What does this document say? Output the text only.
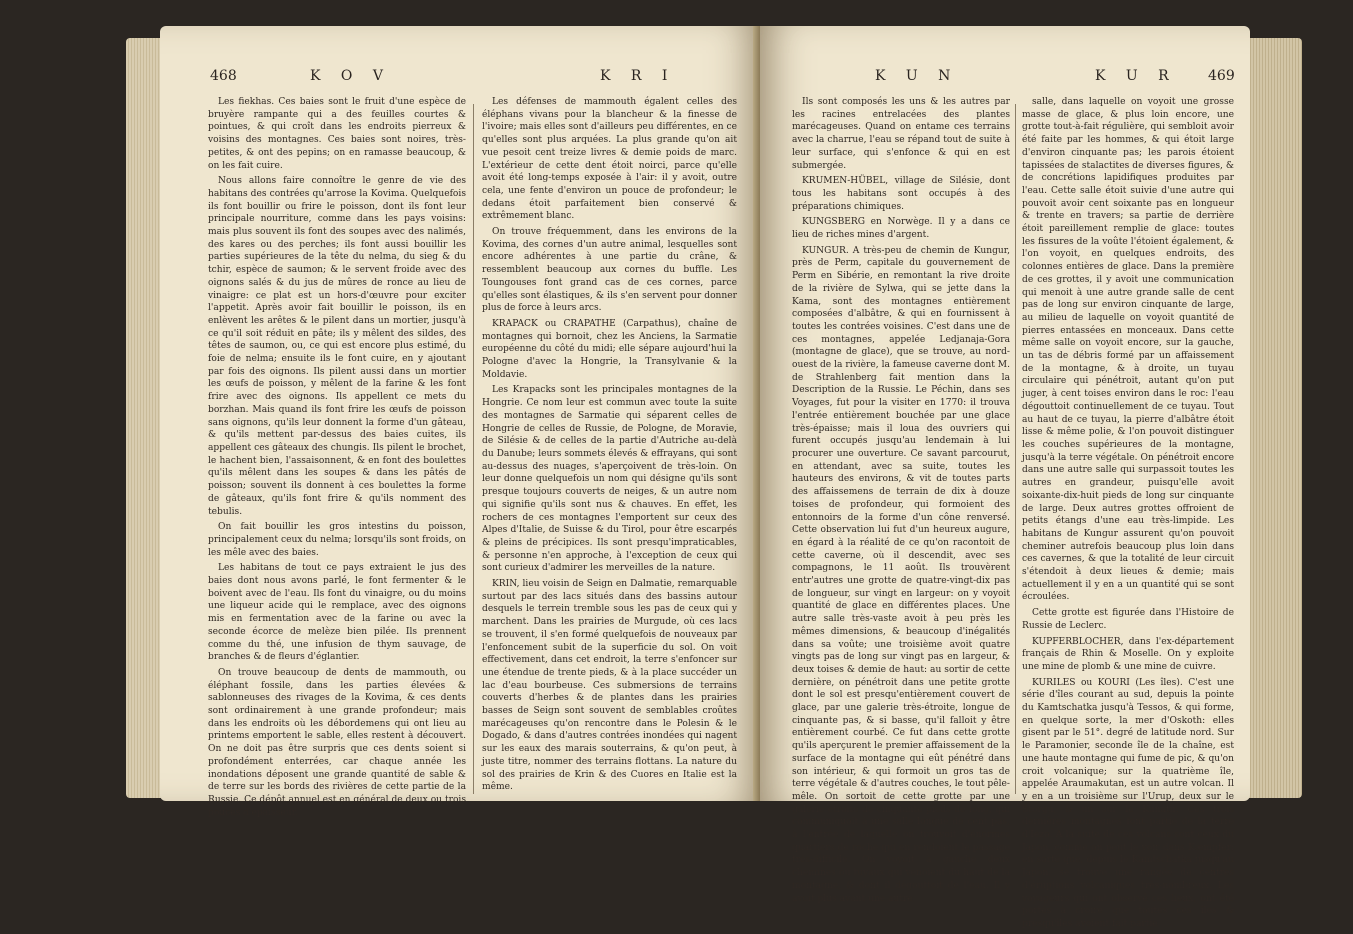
468	K O V	K R I

Les fiekhas. Ces baies sont le fruit d'une espèce de bruyère rampante qui a des feuilles courtes & pointues, & qui croît dans les endroits pierreux & voisins des montagnes. Ces baies sont noires, très-petites, & ont des pepins; on en ramasse beaucoup, & on les fait cuire.

Nous allons faire connoître le genre de vie des habitans des contrées qu'arrose la Kovima. Quelquefois ils font bouillir ou frire le poisson, dont ils font leur principale nourriture, comme dans les pays voisins: mais plus souvent ils font des soupes avec des nalimés, des kares ou des perches; ils font aussi bouillir les parties supérieures de la tête du nelma, du sieg & du tchir, espèce de saumon; & le servent froide avec des oignons salés & du jus de mûres de ronce au lieu de vinaigre: ce plat est un hors-d'œuvre pour exciter l'appetit. Après avoir fait bouillir le poisson, ils en enlèvent les arêtes & le pilent dans un mortier, jusqu'à ce qu'il soit réduit en pâte; ils y mêlent des sildes, des têtes de saumon, ou, ce qui est encore plus estimé, du foie de nelma; ensuite ils le font cuire, en y ajoutant par fois des oignons. Ils pilent aussi dans un mortier les œufs de poisson, y mêlent de la farine & les font frire avec des oignons. Ils appellent ce mets du borzhan. Mais quand ils font frire les œufs de poisson sans oignons, qu'ils leur donnent la forme d'un gâteau, & qu'ils mettent par-dessus des baies cuites, ils appellent ces gâteaux des chungis. Ils pilent le brochet, le hachent bien, l'assaisonnent, & en font des boulettes qu'ils mêlent dans les soupes & dans les pâtés de poisson; souvent ils donnent à ces boulettes la forme de gâteaux, qu'ils font frire & qu'ils nomment des tebulis.

On fait bouillir les gros intestins du poisson, principalement ceux du nelma; lorsqu'ils sont froids, on les mêle avec des baies.

Les habitans de tout ce pays extraient le jus des baies dont nous avons parlé, le font fermenter & le boivent avec de l'eau. Ils font du vinaigre, ou du moins une liqueur acide qui le remplace, avec des oignons mis en fermentation avec de la farine ou avec la seconde écorce de melèze bien pilée. Ils prennent comme du thé, une infusion de thym sauvage, de branches & de fleurs d'églantier.

On trouve beaucoup de dents de mammouth, ou éléphant fossile, dans les parties élevées & sablonneuses des rivages de la Kovima, & ces dents sont ordinairement à une grande profondeur; mais dans les endroits où les débordemens qui ont lieu au printems emportent le sable, elles restent à découvert. On ne doit pas être surpris que ces dents soient si profondément enterrées, car chaque année les inondations déposent une grande quantité de sable & de terre sur les bords des rivières de cette partie de la Russie. Ce dépôt annuel est en général de deux ou trois pouces d'épaisseur.

Les défenses de mammouth égalent celles des éléphans vivans pour la blancheur & la finesse de l'ivoire; mais elles sont d'ailleurs peu différentes, en ce qu'elles sont plus arquées. La plus grande qu'on ait vue pesoit cent treize livres & demie poids de marc. L'extérieur de cette dent étoit noirci, parce qu'elle avoit été long-temps exposée à l'air: il y avoit, outre cela, une fente d'environ un pouce de profondeur; le dedans étoit parfaitement bien conservé & extrêmement blanc.

On trouve fréquemment, dans les environs de la Kovima, des cornes d'un autre animal, lesquelles sont encore adhérentes à une partie du crâne, & ressemblent beaucoup aux cornes du buffle. Les Toungouses font grand cas de ces cornes, parce qu'elles sont élastiques, & ils s'en servent pour donner plus de force à leurs arcs.

KRAPACK ou CRAPATHE (Carpathus), chaîne de montagnes qui bornoit, chez les Anciens, la Sarmatie européenne du côté du midi; elle sépare aujourd'hui la Pologne d'avec la Hongrie, la Transylvanie & la Moldavie.

Les Krapacks sont les principales montagnes de la Hongrie. Ce nom leur est commun avec toute la suite des montagnes de Sarmatie qui séparent celles de Hongrie de celles de Russie, de Pologne, de Moravie, de Silésie & de celles de la partie d'Autriche au-delà du Danube; leurs sommets élevés & effrayans, qui sont au-dessus des nuages, s'aperçoivent de très-loin. On leur donne quelquefois un nom qui désigne qu'ils sont presque toujours couverts de neiges, & un autre nom qui signifie qu'ils sont nus & chauves. En effet, les rochers de ces montagnes l'emportent sur ceux des Alpes d'Italie, de Suisse & du Tirol, pour être escarpés & pleins de précipices. Ils sont presqu'impraticables, & personne n'en approche, à l'exception de ceux qui sont curieux d'admirer les merveilles de la nature.

KRIN, lieu voisin de Seign en Dalmatie, remarquable surtout par des lacs situés dans des bassins autour desquels le terrein tremble sous les pas de ceux qui y marchent. Dans les prairies de Murgude, où ces lacs se trouvent, il s'en formé quelquefois de nouveaux par l'enfoncement subit de la superficie du sol. On voit effectivement, dans cet endroit, la terre s'enfoncer sur une étendue de trente pieds, & à la place succéder un lac d'eau bourbeuse. Ces submersions de terrains couverts d'herbes & de plantes dans les prairies basses de Seign sont souvent de semblables croûtes marécageuses qu'on rencontre dans le Polesin & le Dogado, & dans d'autres contrées inondées qui nagent sur les eaux des marais souterrains, & qu'on peut, à juste titre, nommer des terrains flottans. La nature du sol des prairies de Krin & des Cuores en Italie est la même.

K U N	K U R 469

Ils sont composés les uns & les autres par les racines entrelacées des plantes marécageuses. Quand on entame ces terrains avec la charrue, l'eau se répand tout de suite à leur surface, qui s'enfonce & qui en est submergée.

KRUMEN-HÜBEL, village de Silésie, dont tous les habitans sont occupés à des préparations chimiques.

KUNGSBERG en Norwège. Il y a dans ce lieu de riches mines d'argent.

KUNGUR. A très-peu de chemin de Kungur, près de Perm, capitale du gouvernement de Perm en Sibérie, en remontant la rive droite de la rivière de Sylwa, qui se jette dans la Kama, sont des montagnes entièrement composées d'albâtre, & qui en fournissent à toutes les contrées voisines. C'est dans une de ces montagnes, appelée Ledjanaja-Gora (montagne de glace), que se trouve, au nord-ouest de la rivière, la fameuse caverne dont M. de Strahlenberg fait mention dans la Description de la Russie. Le Péchin, dans ses Voyages, fut pour la visiter en 1770: il trouva l'entrée entièrement bouchée par une glace très-épaisse; mais il loua des ouvriers qui furent occupés jusqu'au lendemain à lui procurer une ouverture. Ce savant parcourut, en attendant, avec sa suite, toutes les hauteurs des environs, & vit de toutes parts des affaissemens de terrain de dix à douze toises de profondeur, qui formoient des entonnoirs de la forme d'un cône renversé. Cette observation lui fut d'un heureux augure, en égard à la réalité de ce qu'on racontoit de cette caverne, où il descendit, avec ses compagnons, le 11 août. Ils trouvèrent entr'autres une grotte de quatre-vingt-dix pas de longueur, sur vingt en largeur: on y voyoit quantité de glace en différentes places. Une autre salle très-vaste avoit à peu près les mêmes dimensions, & beaucoup d'inégalités dans sa voûte; une troisième avoit quatre vingts pas de long sur vingt pas en largeur, & deux toises & demie de haut: au sortir de cette dernière, on pénétroit dans une petite grotte dont le sol est presqu'entièrement couvert de glace, par une galerie très-étroite, longue de cinquante pas, & si basse, qu'il falloit y être entièrement courbé. Ce fut dans cette grotte qu'ils aperçurent le premier affaissement de la surface de la montagne qui eût pénétré dans son intérieur, & qui formoit un gros tas de terre végétale & d'autres couches, le tout pêle-mêle. On sortoit de cette grotte par une galerie étroite de cinquante pieds de long, qui communiquoit à une salle longue de cent pas, à l'entrée de laquelle on trouvoit d'énormes quartiers de roche qui en rendoient le passage très-difficile. On voyoit à gauche deux chemines ou tuyaux qui venoient du haut de la montagne, & dont il dégouttoit de l'eau. Il y avoit plus avant une autre

salle, dans laquelle on voyoit une grosse masse de glace, & plus loin encore, une grotte tout-à-fait régulière, qui sembloit avoir été faite par les hommes, & qui étoit large d'environ cinquante pas; les parois étoient tapissées de stalactites de diverses figures, & de concrétions lapidifiques produites par l'eau. Cette salle étoit suivie d'une autre qui pouvoit avoir cent soixante pas en longueur & trente en travers; sa partie de derrière étoit pareillement remplie de glace: toutes les fissures de la voûte l'étoient également, & l'on voyoit, en quelques endroits, des colonnes entières de glace. Dans la première de ces grottes, il y avoit une communication qui menoit à une autre grande salle de cent pas de long sur environ cinquante de large, au milieu de laquelle on voyoit quantité de pierres entassées en monceaux. Dans cette même salle on voyoit encore, sur la gauche, un tas de débris formé par un affaissement de la montagne, & à droite, un tuyau circulaire qui pénétroit, autant qu'on put juger, à cent toises environ dans le roc: l'eau dégouttoit continuellement de ce tuyau. Tout au haut de ce tuyau, la pierre d'albâtre étoit lisse & même polie, & l'on pouvoit distinguer les couches supérieures de la montagne, jusqu'à la terre végétale. On pénétroit encore dans une autre salle qui surpassoit toutes les autres en grandeur, puisqu'elle avoit soixante-dix-huit pieds de long sur cinquante de large. Deux autres grottes offroient de petits étangs d'une eau très-limpide. Les habitans de Kungur assurent qu'on pouvoit cheminer autrefois beaucoup plus loin dans ces cavernes, & que la totalité de leur circuit s'étendoit à deux lieues & demie; mais actuellement il y en a un quantité qui se sont écroulées.

Cette grotte est figurée dans l'Histoire de Russie de Leclerc.

KUPFERBLOCHER, dans l'ex-département français de Rhin & Moselle. On y exploite une mine de plomb & une mine de cuivre.

KURILES ou KOURI (Les îles). C'est une série d'îles courant au sud, depuis la pointe du Kamtschatka jusqu'à Tessos, & qui forme, en quelque sorte, la mer d'Oskoth: elles gisent par le 51°. degré de latitude nord. Sur le Paramonier, seconde île de la chaîne, est une haute montagne qui fume de pic, & qu'on croit volcanique; sur la quatrième île, appelée Araumakutan, est un autre volcan. Il y en a un troisième sur l'Urup, deux sur le Storgu, & un sur le Kunatir. Ces trois dernières montagnes font partie de la terre d'Iezo. A la suite de ces volcans sont ceux du Japon, comme on peut le voir dans Kæmpfer; en sorte que, depuis le Kamtschatka jusqu'au Japon, se trouve une rangée de centres d'éruptions volcaniques très-nombreux. Les voyageurs qui ont observé ces lieux, ont été portés à croire que toutes ces îles & presqu'îles avoient fait partie
